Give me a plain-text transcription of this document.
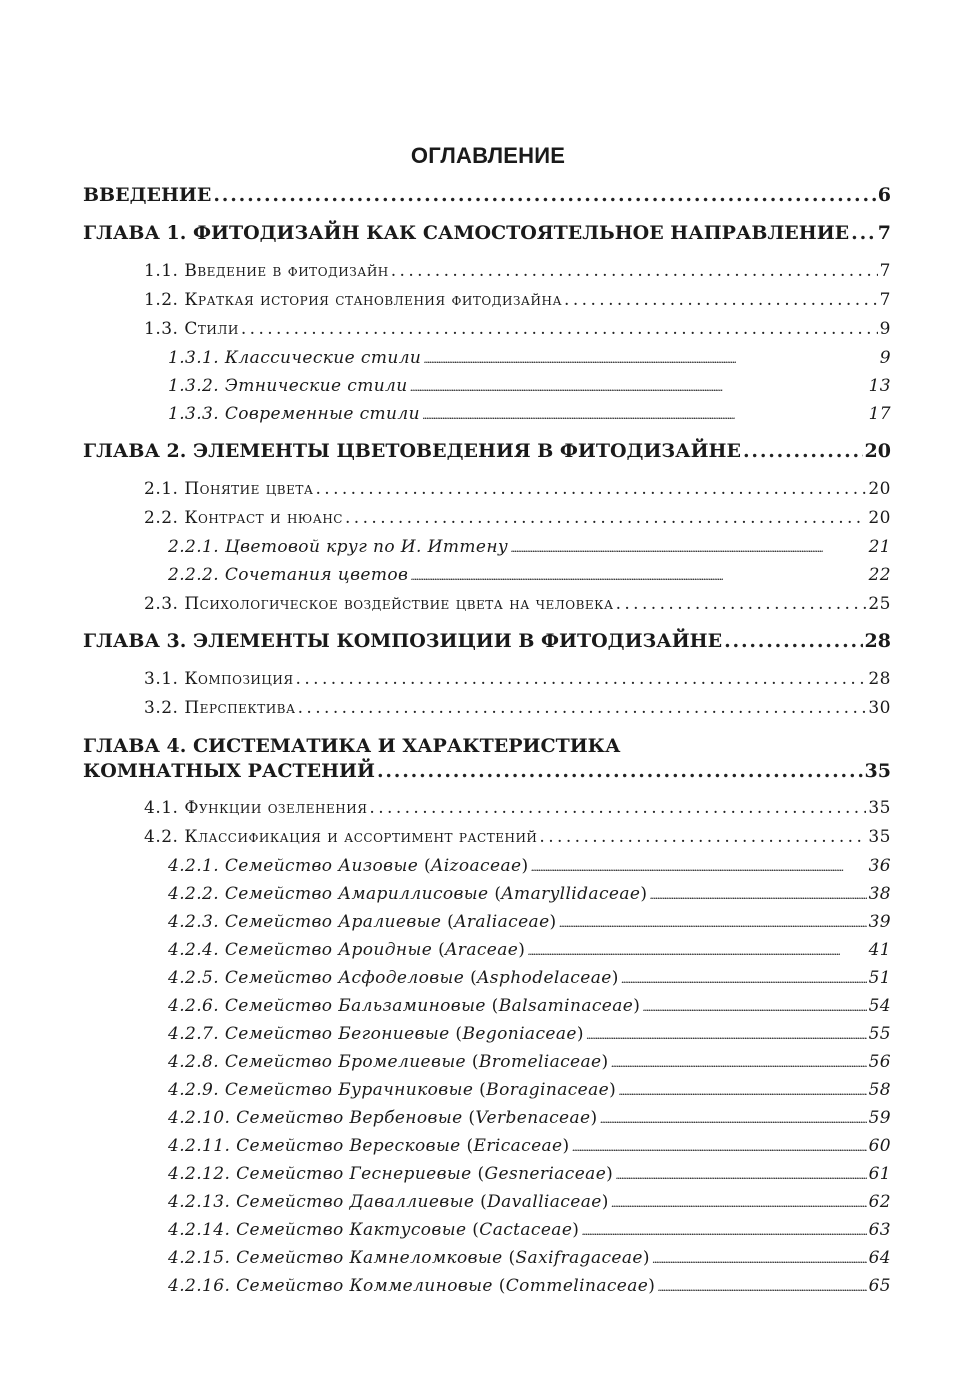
ОГЛАВЛЕНИЕ
ВВЕДЕНИЕ . . .	6
ГЛАВА 1. ФИТОДИЗАЙН КАК САМОСТОЯТЕЛЬНОЕ НАПРАВЛЕНИЕ . . . 7
1.1. Введение в фитодизайн . . .	7
1.2. Краткая история становления фитодизайна . . .	7
1.3. Стили . . .	9
1.3.1. Классические стили . . .	9
1.3.2. Этнические стили . . .	13
1.3.3. Современные стили . . .	17
ГЛАВА 2. ЭЛЕМЕНТЫ ЦВЕТОВЕДЕНИЯ В ФИТОДИЗАЙНЕ . . .	20
2.1. Понятие цвета . . .	20
2.2. Контраст и нюанс . . .	20
2.2.1. Цветовой круг по И. Иттену . . .	21
2.2.2. Сочетания цветов . . .	22
2.3. Психологическое воздействие цвета на человека . . .	25
ГЛАВА 3. ЭЛЕМЕНТЫ КОМПОЗИЦИИ В ФИТОДИЗАЙНЕ . . .	28
3.1. Композиция . . .	28
3.2. Перспектива . . .	30
ГЛАВА 4. СИСТЕМАТИКА И ХАРАКТЕРИСТИКА
КОМНАТНЫХ РАСТЕНИЙ . . .	35
4.1. Функции озеленения . . .	35
4.2. Классификация и ассортимент растений . . .	35
4.2.1. Семейство Аизовые (Aizoaceae) . . .	36
4.2.2. Семейство Амариллисовые (Amaryllidaceae) . . .	38
4.2.3. Семейство Аралиевые (Araliaceae) . . .	39
4.2.4. Семейство Ароидные (Araceae) . . .	41
4.2.5. Семейство Асфоделовые (Asphodelaceae) . . .	51
4.2.6. Семейство Бальзаминовые (Balsaminaceae) . . .	54
4.2.7. Семейство Бегониевые (Begoniaceae) . . .	55
4.2.8. Семейство Бромелиевые (Bromeliaceae) . . .	56
4.2.9. Семейство Бурачниковые (Boraginaceae) . . .	58
4.2.10. Семейство Вербеновые (Verbenaceae) . . .	59
4.2.11. Семейство Вересковые (Ericaceae) . . .	60
4.2.12. Семейство Геснериевые (Gesneriaceae) . . .	61
4.2.13. Семейство Даваллиевые (Davalliaceae) . . .	62
4.2.14. Семейство Кактусовые (Cactaceae) . . .	63
4.2.15. Семейство Камнеломковые (Saxifragaceae) . . .	64
4.2.16. Семейство Коммелиновые (Commelinaceae) . . .	65
